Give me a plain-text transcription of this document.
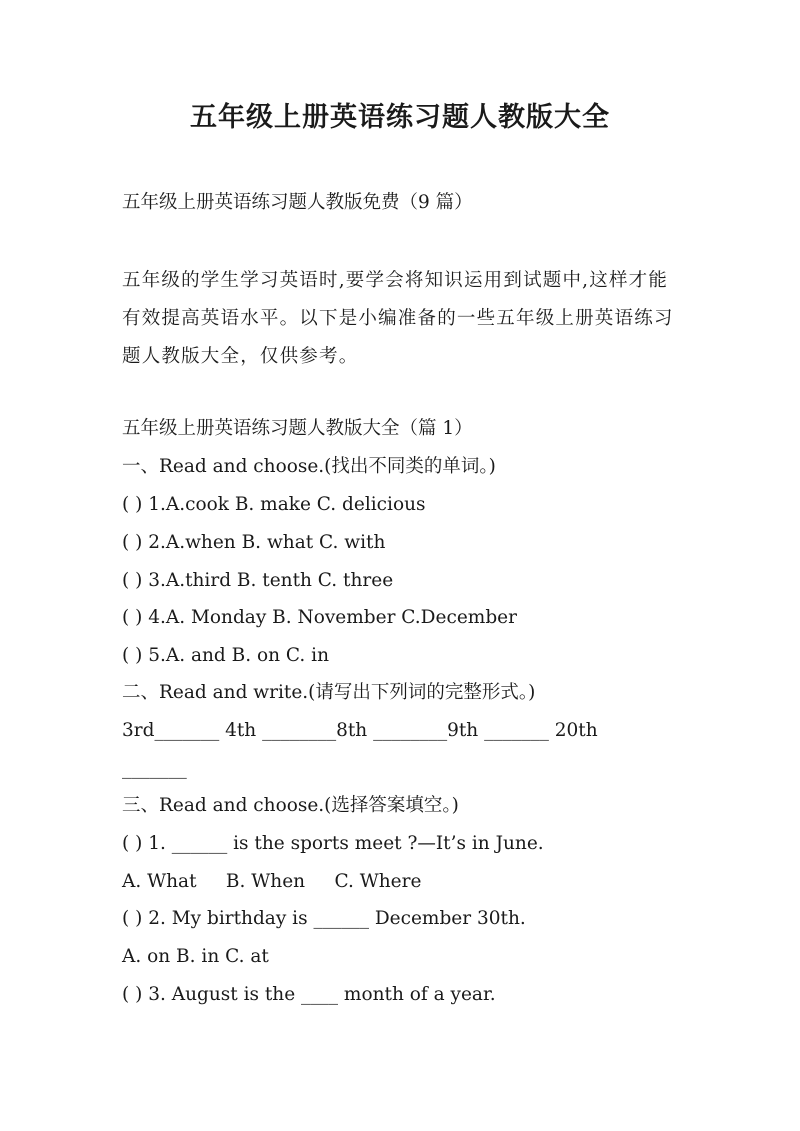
五年级上册英语练习题人教版大全

五年级上册英语练习题人教版免费（9 篇）

五年级的学生学习英语时,要学会将知识运用到试题中,这样才能有效提高英语水平。以下是小编准备的一些五年级上册英语练习题人教版大全，仅供参考。

五年级上册英语练习题人教版大全（篇 1）

一、Read and choose.(找出不同类的单词。)

( ) 1.A.cook B. make C. delicious

( ) 2.A.when B. what C. with

( ) 3.A.third B. tenth C. three

( ) 4.A. Monday B. November C.December

( ) 5.A. and B. on C. in

二、Read and write.(请写出下列词的完整形式。)

3rd_______ 4th ________8th ________9th _______ 20th

_______

三、Read and choose.(选择答案填空。)

( ) 1. ______ is the sports meet ?—It’s in June.

A. What     B. When     C. Where

( ) 2. My birthday is ______ December 30th.

A. on B. in C. at

( ) 3. August is the ____ month of a year.
